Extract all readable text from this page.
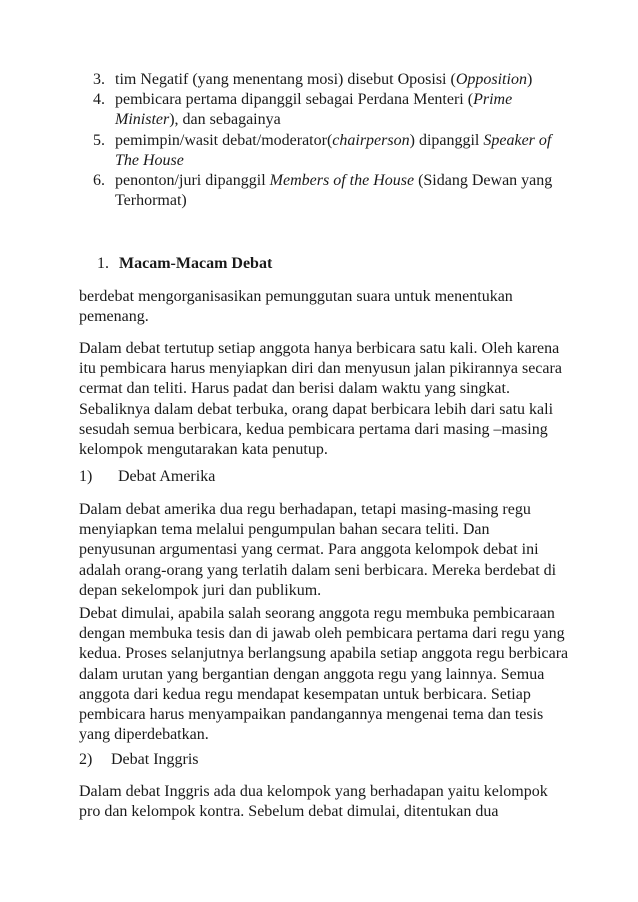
3. tim Negatif (yang menentang mosi) disebut Oposisi (Opposition)
4. pembicara pertama dipanggil sebagai Perdana Menteri (Prime Minister), dan sebagainya
5. pemimpin/wasit debat/moderator(chairperson) dipanggil Speaker of The House
6. penonton/juri dipanggil Members of the House (Sidang Dewan yang Terhormat)
1. Macam-Macam Debat

berdebat mengorganisasikan pemunggutan suara untuk menentukan pemenang.

Dalam debat tertutup setiap anggota hanya berbicara satu kali. Oleh karena itu pembicara harus menyiapkan diri dan menyusun jalan pikirannya secara cermat dan teliti. Harus padat dan berisi dalam waktu yang singkat. Sebaliknya dalam debat terbuka, orang dapat berbicara lebih dari satu kali sesudah semua berbicara, kedua pembicara pertama dari masing –masing kelompok mengutarakan kata penutup.

1) Debat Amerika

Dalam debat amerika dua regu berhadapan, tetapi masing-masing regu menyiapkan tema melalui pengumpulan bahan secara teliti. Dan penyusunan argumentasi yang cermat. Para anggota kelompok debat ini adalah orang-orang yang terlatih dalam seni berbicara. Mereka berdebat di depan sekelompok juri dan publikum.

Debat dimulai, apabila salah seorang anggota regu membuka pembicaraan dengan membuka tesis dan di jawab oleh pembicara pertama dari regu yang kedua. Proses selanjutnya berlangsung apabila setiap anggota regu berbicara dalam urutan yang bergantian dengan anggota regu yang lainnya. Semua anggota dari kedua regu mendapat kesempatan untuk berbicara. Setiap pembicara harus menyampaikan pandangannya mengenai tema dan tesis yang diperdebatkan.

2) Debat Inggris

Dalam debat Inggris ada dua kelompok yang berhadapan yaitu kelompok pro dan kelompok kontra. Sebelum debat dimulai, ditentukan dua
